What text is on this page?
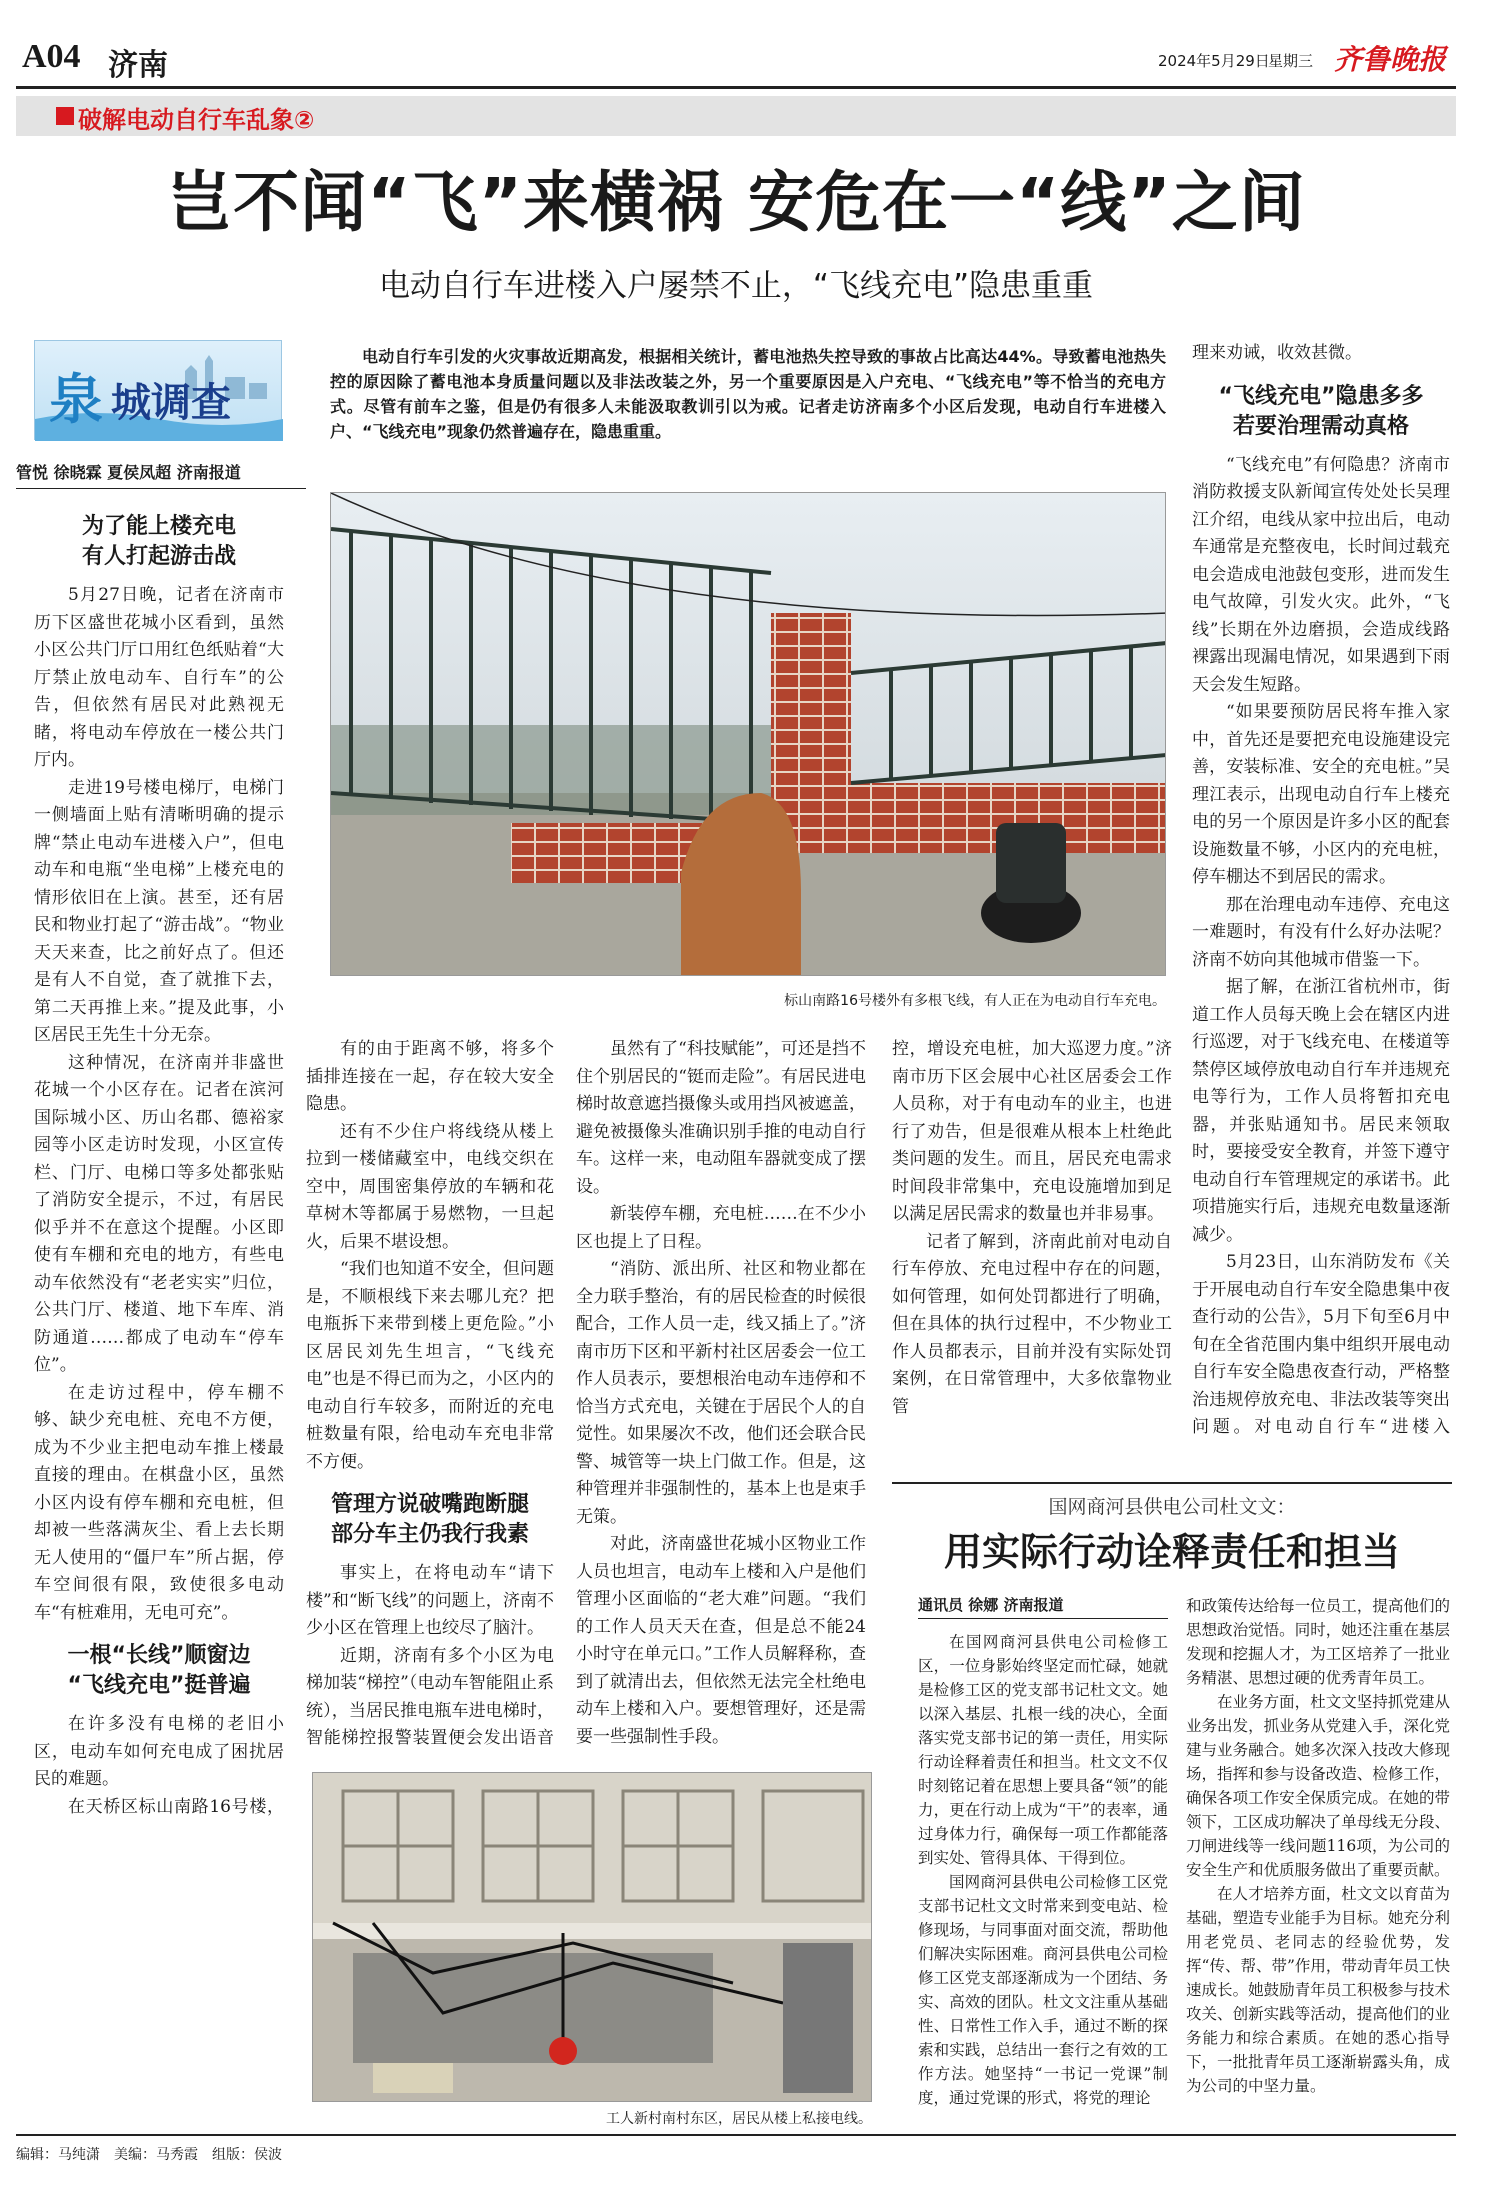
A04 济南	2024年5月29日
星期三 齐鲁晚报
破解电动自行车乱象②
岂不闻“飞”来横祸 安危在一“线”之间
电动自行车进楼入户屡禁不止，“飞线充电”隐患重重
泉 城调查
管悦 徐晓霖 夏侯凤超 济南报道
电动自行车引发的火灾事故近期高发，根据相关统计，蓄电池热失控导致的事故占比高达44%。导致蓄电池热失控的原因除了蓄电池本身质量问题以及非法改装之外，另一个重要原因是入户充电、“飞线充电”等不恰当的充电方式。尽管有前车之鉴，但是仍有很多人未能汲取教训引以为戒。记者走访济南多个小区后发现，电动自行车进楼入户、“飞线充电”现象仍然普遍存在，隐患重重。
标山南路16号楼外有多根飞线，有人正在为电动自行车充电。
为了能上楼充电
有人打起游击战

5月27日晚，记者在济南市历下区盛世花城小区看到，虽然小区公共门厅口用红色纸贴着“大厅禁止放电动车、自行车”的公告，但依然有居民对此熟视无睹，将电动车停放在一楼公共门厅内。

走进19号楼电梯厅，电梯门一侧墙面上贴有清晰明确的提示牌“禁止电动车进楼入户”，但电动车和电瓶“坐电梯”上楼充电的情形依旧在上演。甚至，还有居民和物业打起了“游击战”。“物业天天来查，比之前好点了。但还是有人不自觉，查了就推下去，第二天再推上来。”提及此事，小区居民王先生十分无奈。

这种情况，在济南并非盛世花城一个小区存在。记者在滨河国际城小区、历山名郡、德裕家园等小区走访时发现，小区宣传栏、门厅、电梯口等多处都张贴了消防安全提示，不过，有居民似乎并不在意这个提醒。小区即使有车棚和充电的地方，有些电动车依然没有“老老实实”归位，公共门厅、楼道、地下车库、消防通道……都成了电动车“停车位”。

在走访过程中，停车棚不够、缺少充电桩、充电不方便，成为不少业主把电动车推上楼最直接的理由。在棋盘小区，虽然小区内设有停车棚和充电桩，但却被一些落满灰尘、看上去长期无人使用的“僵尸车”所占据，停车空间很有限，致使很多电动车“有桩难用，无电可充”。

一根“长线”顺窗边
“飞线充电”挺普遍

在许多没有电梯的老旧小区，电动车如何充电成了困扰居民的难题。

在天桥区标山南路16号楼，

有的由于距离不够，将多个插排连接在一起，存在较大安全隐患。

还有不少住户将线绕从楼上拉到一楼储藏室中，电线交织在空中，周围密集停放的车辆和花草树木等都属于易燃物，一旦起火，后果不堪设想。

“我们也知道不安全，但问题是，不顺根线下来去哪儿充？把电瓶拆下来带到楼上更危险。”小区居民刘先生坦言，“飞线充电”也是不得已而为之，小区内的电动自行车较多，而附近的充电桩数量有限，给电动车充电非常不方便。

管理方说破嘴跑断腿
部分车主仍我行我素

事实上，在将电动车“请下楼”和“断飞线”的问题上，济南不少小区在管理上也绞尽了脑汁。

近期，济南有多个小区为电梯加装“梯控”（电动车智能阻止系统），当居民推电瓶车进电梯时，智能梯控报警装置便会发出语音

虽然有了“科技赋能”，可还是挡不住个别居民的“铤而走险”。有居民进电梯时故意遮挡摄像头或用挡风被遮盖，避免被摄像头准确识别手推的电动自行车。这样一来，电动阻车器就变成了摆设。

新装停车棚，充电桩……在不少小区也提上了日程。

“消防、派出所、社区和物业都在全力联手整治，有的居民检查的时候很配合，工作人员一走，线又插上了。”济南市历下区和平新村社区居委会一位工作人员表示，要想根治电动车违停和不恰当方式充电，关键在于居民个人的自觉性。如果屡次不改，他们还会联合民警、城管等一块上门做工作。但是，这种管理并非强制性的，基本上也是束手无策。

对此，济南盛世花城小区物业工作人员也坦言，电动车上楼和入户是他们管理小区面临的“老大难”问题。“我们的工作人员天天在查，但是总不能24小时守在单元口。”工作人员解释称，查到了就清出去，但依然无法完全杜绝电动车上楼和入户。要想管理好，还是需要一些强制性手段。

控，增设充电桩，加大巡逻力度。”济南市历下区会展中心社区居委会工作人员称，对于有电动车的业主，也进行了劝告，但是很难从根本上杜绝此类问题的发生。而且，居民充电需求时间段非常集中，充电设施增加到足以满足居民需求的数量也并非易事。

记者了解到，济南此前对电动自行车停放、充电过程中存在的问题，如何管理，如何处罚都进行了明确，但在具体的执行过程中，不少物业工作人员都表示，目前并没有实际处罚案例，在日常管理中，大多依靠物业管

理来劝诫，收效甚微。

“飞线充电”隐患多多
若要治理需动真格

“飞线充电”有何隐患？济南市消防救援支队新闻宣传处处长吴理江介绍，电线从家中拉出后，电动车通常是充整夜电，长时间过载充电会造成电池鼓包变形，进而发生电气故障，引发火灾。此外，“飞线”长期在外边磨损，会造成线路裸露出现漏电情况，如果遇到下雨天会发生短路。

“如果要预防居民将车推入家中，首先还是要把充电设施建设完善，安装标准、安全的充电桩。”吴理江表示，出现电动自行车上楼充电的另一个原因是许多小区的配套设施数量不够，小区内的充电桩，停车棚达不到居民的需求。

那在治理电动车违停、充电这一难题时，有没有什么好办法呢？济南不妨向其他城市借鉴一下。

据了解，在浙江省杭州市，街道工作人员每天晚上会在辖区内进行巡逻，对于飞线充电、在楼道等禁停区域停放电动自行车并违规充电等行为，工作人员将暂扣充电器，并张贴通知书。居民来领取时，要接受安全教育，并签下遵守电动自行车管理规定的承诺书。此项措施实行后，违规充电数量逐渐减少。

5月23日，山东消防发布《关于开展电动自行车安全隐患集中夜查行动的公告》，5月下旬至6月中旬在全省范围内集中组织开展电动自行车安全隐患夜查行动，严格整治违规停放充电、非法改装等突出问题。对电动自行车“进楼入

工人新村南村东区，居民从楼上私接电线。
国网商河县供电公司杜文文：
用实际行动诠释责任和担当
通讯员 徐娜 济南报道

在国网商河县供电公司检修工区，一位身影始终坚定而忙碌，她就是检修工区的党支部书记杜文文。她以深入基层、扎根一线的决心，全面落实党支部书记的第一责任，用实际行动诠释着责任和担当。杜文文不仅时刻铭记着在思想上要具备“领”的能力，更在行动上成为“干”的表率，通过身体力行，确保每一项工作都能落到实处、管得具体、干得到位。

国网商河县供电公司检修工区党支部书记杜文文时常来到变电站、检修现场，与同事面对面交流，帮助他们解决实际困难。商河县供电公司检修工区党支部逐渐成为一个团结、务实、高效的团队。杜文文注重从基础性、日常性工作入手，通过不断的探索和实践，总结出一套行之有效的工作方法。她坚持“一书记一党课”制度，通过党课的形式，将党的理论

和政策传达给每一位员工，提高他们的思想政治觉悟。同时，她还注重在基层发现和挖掘人才，为工区培养了一批业务精湛、思想过硬的优秀青年员工。

在业务方面，杜文文坚持抓党建从业务出发，抓业务从党建入手，深化党建与业务融合。她多次深入技改大修现场，指挥和参与设备改造、检修工作，确保各项工作安全保质完成。在她的带领下，工区成功解决了单母线无分段、刀闸进线等一线问题116项，为公司的安全生产和优质服务做出了重要贡献。

在人才培养方面，杜文文以育苗为基础，塑造专业能手为目标。她充分利用老党员、老同志的经验优势，发挥“传、帮、带”作用，带动青年员工快速成长。她鼓励青年员工积极参与技术攻关、创新实践等活动，提高他们的业务能力和综合素质。在她的悉心指导下，一批批青年员工逐渐崭露头角，成为公司的中坚力量。

编辑：马纯潇　美编：马秀霞　组版：侯波
